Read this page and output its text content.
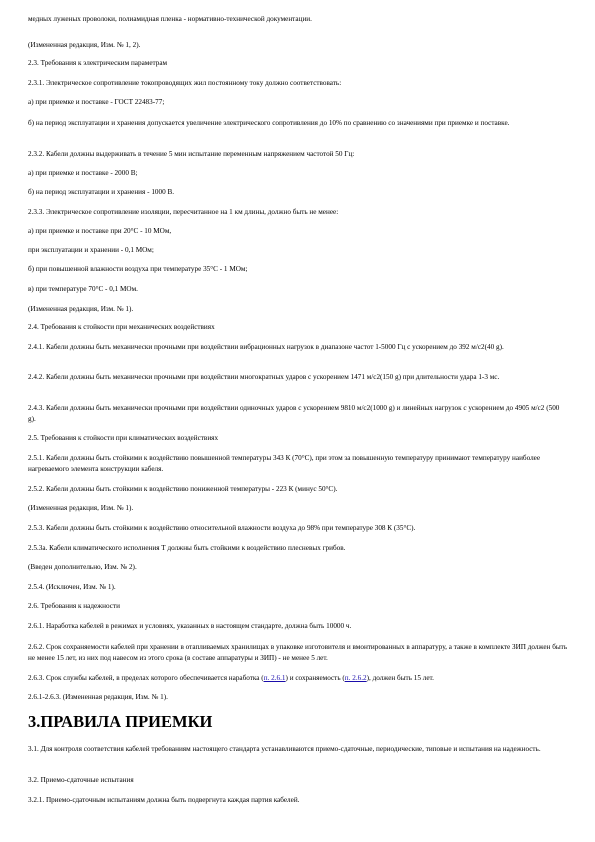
медных луженых проволоки, полиамидная пленка - нормативно-технической документации.

(Измененная редакция, Изм. № 1, 2).

2.3. Требования к электрическим параметрам

2.3.1. Электрическое сопротивление токопроводящих жил постоянному току должно соответствовать:

а) при приемке и поставке - ГОСТ 22483-77;

б) на период эксплуатации и хранения допускается увеличение электрического сопротивления до 10% по сравнению со значениями при приемке и поставке.

2.3.2. Кабели должны выдерживать в течение 5 мин испытание переменным напряжением частотой 50 Гц:

а) при приемке и поставке - 2000 В;

б) на период эксплуатации и хранения - 1000 В.

2.3.3. Электрическое сопротивление изоляции, пересчитанное на 1 км длины, должно быть не менее:

а) при приемке и поставке при 20°С - 10 МОм,

при эксплуатации и хранении - 0,1 МОм;

б) при повышенной влажности воздуха при температуре 35°С - 1 МОм;

в) при температуре 70°С - 0,1 МОм.

(Измененная редакция, Изм. № 1).

2.4. Требования к стойкости при механических воздействиях

2.4.1. Кабели должны быть механически прочными при воздействии вибрационных нагрузок в диапазоне частот 1-5000 Гц с ускорением до 392 м/с2(40 g).

2.4.2. Кабели должны быть механически прочными при воздействии многократных ударов с ускорением 1471 м/с2(150 g) при длительности удара 1-3 мс.

2.4.3. Кабели должны быть механически прочными при воздействии одиночных ударов с ускорением 9810 м/с2(1000 g) и линейных нагрузок с ускорением до 4905 м/с2 (500 g).

2.5. Требования к стойкости при климатических воздействиях

2.5.1. Кабели должны быть стойкими к воздействию повышенной температуры 343 К (70°С), при этом за повышенную температуру принимают температуру наиболее нагреваемого элемента конструкции кабеля.

2.5.2. Кабели должны быть стойкими к воздействию пониженной температуры - 223 К (минус 50°С).

(Измененная редакция, Изм. № 1).

2.5.3. Кабели должны быть стойкими к воздействию относительной влажности воздуха до 98% при температуре 308 К (35°С).

2.5.3а. Кабели климатического исполнения Т должны быть стойкими к воздействию плесневых грибов.

(Введен дополнительно, Изм. № 2).

2.5.4. (Исключен, Изм. № 1).

2.6. Требования к надежности

2.6.1. Наработка кабелей в режимах и условиях, указанных в настоящем стандарте, должна быть 10000 ч.

2.6.2. Срок сохраняемости кабелей при хранении в отапливаемых хранилищах в упаковке изготовителя и вмонтированных в аппаратуру, а также в комплекте ЗИП должен быть не менее 15 лет, из них под навесом из этого срока (в составе аппаратуры и ЗИП) - не менее 5 лет.

2.6.3. Срок службы кабелей, в пределах которого обеспечивается наработка (п. 2.6.1) и сохраняемость (п. 2.6.2), должен быть 15 лет.

2.6.1-2.6.3. (Измененная редакция, Изм. № 1).

3.ПРАВИЛА ПРИЕМКИ

3.1. Для контроля соответствия кабелей требованиям настоящего стандарта устанавливаются приемо-сдаточные, периодические, типовые и испытания на надежность.

3.2. Приемо-сдаточные испытания

3.2.1. Приемо-сдаточным испытаниям должна быть подвергнута каждая партия кабелей.
